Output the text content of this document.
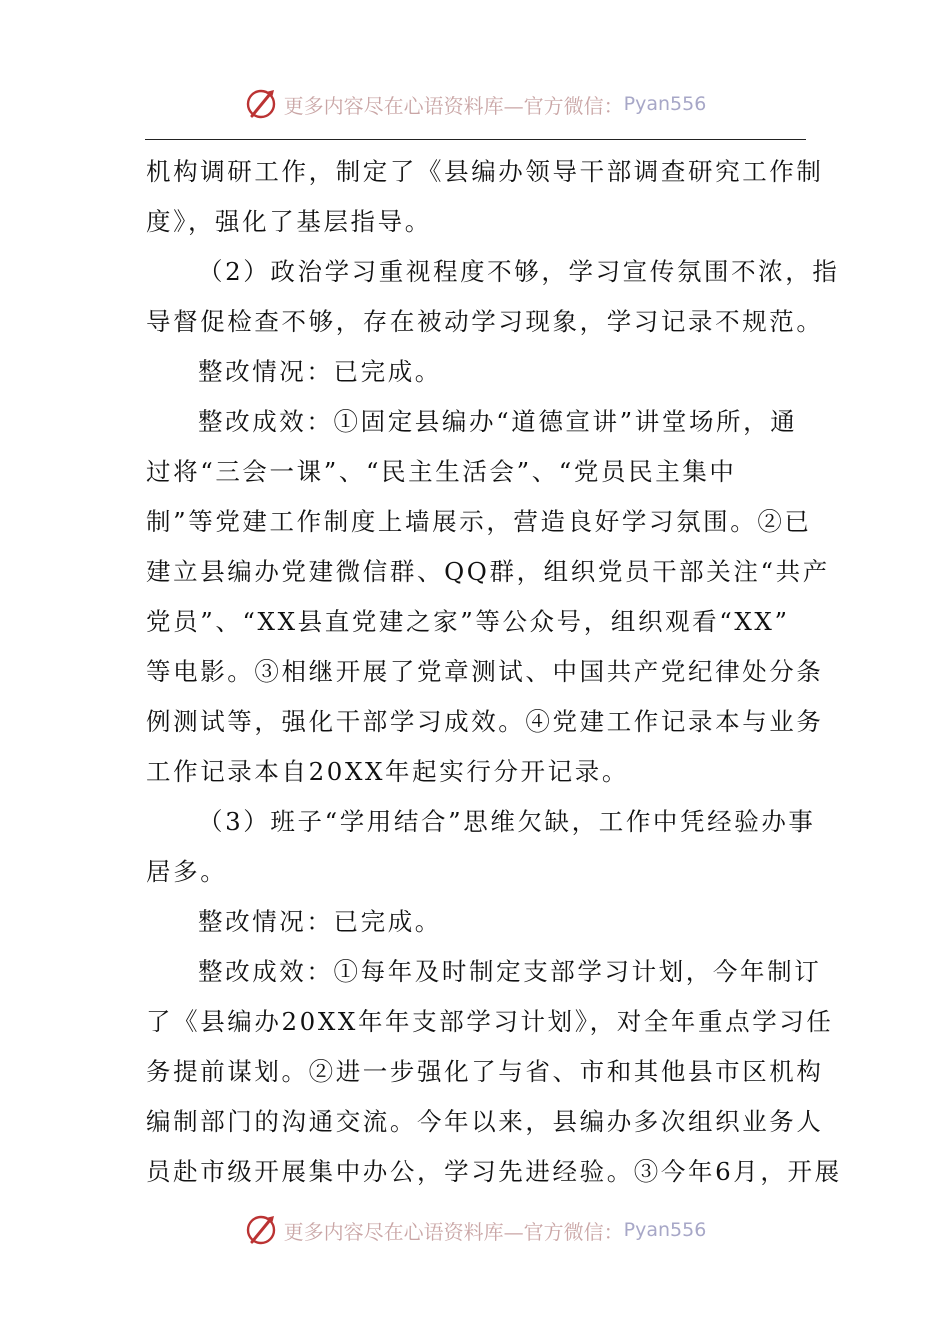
更多内容尽在心语资料库—官方微信： Pyan556

机构调研工作，制定了《县编办领导干部调查研究工作制

度》，强化了基层指导。

（2）政治学习重视程度不够，学习宣传氛围不浓，指

导督促检查不够，存在被动学习现象，学习记录不规范。

整改情况：已完成。

整改成效：①固定县编办“道德宣讲”讲堂场所，通

过将“三会一课”、“民主生活会”、“党员民主集中

制”等党建工作制度上墙展示，营造良好学习氛围。②已

建立县编办党建微信群、QQ群，组织党员干部关注“共产

党员”、“XX县直党建之家”等公众号，组织观看“XX”

等电影。③相继开展了党章测试、中国共产党纪律处分条

例测试等，强化干部学习成效。④党建工作记录本与业务

工作记录本自20XX年起实行分开记录。

（3）班子“学用结合”思维欠缺，工作中凭经验办事

居多。

整改情况：已完成。

整改成效：①每年及时制定支部学习计划，今年制订

了《县编办20XX年年支部学习计划》，对全年重点学习任

务提前谋划。②进一步强化了与省、市和其他县市区机构

编制部门的沟通交流。今年以来，县编办多次组织业务人

员赴市级开展集中办公，学习先进经验。③今年6月，开展

更多内容尽在心语资料库—官方微信： Pyan556
